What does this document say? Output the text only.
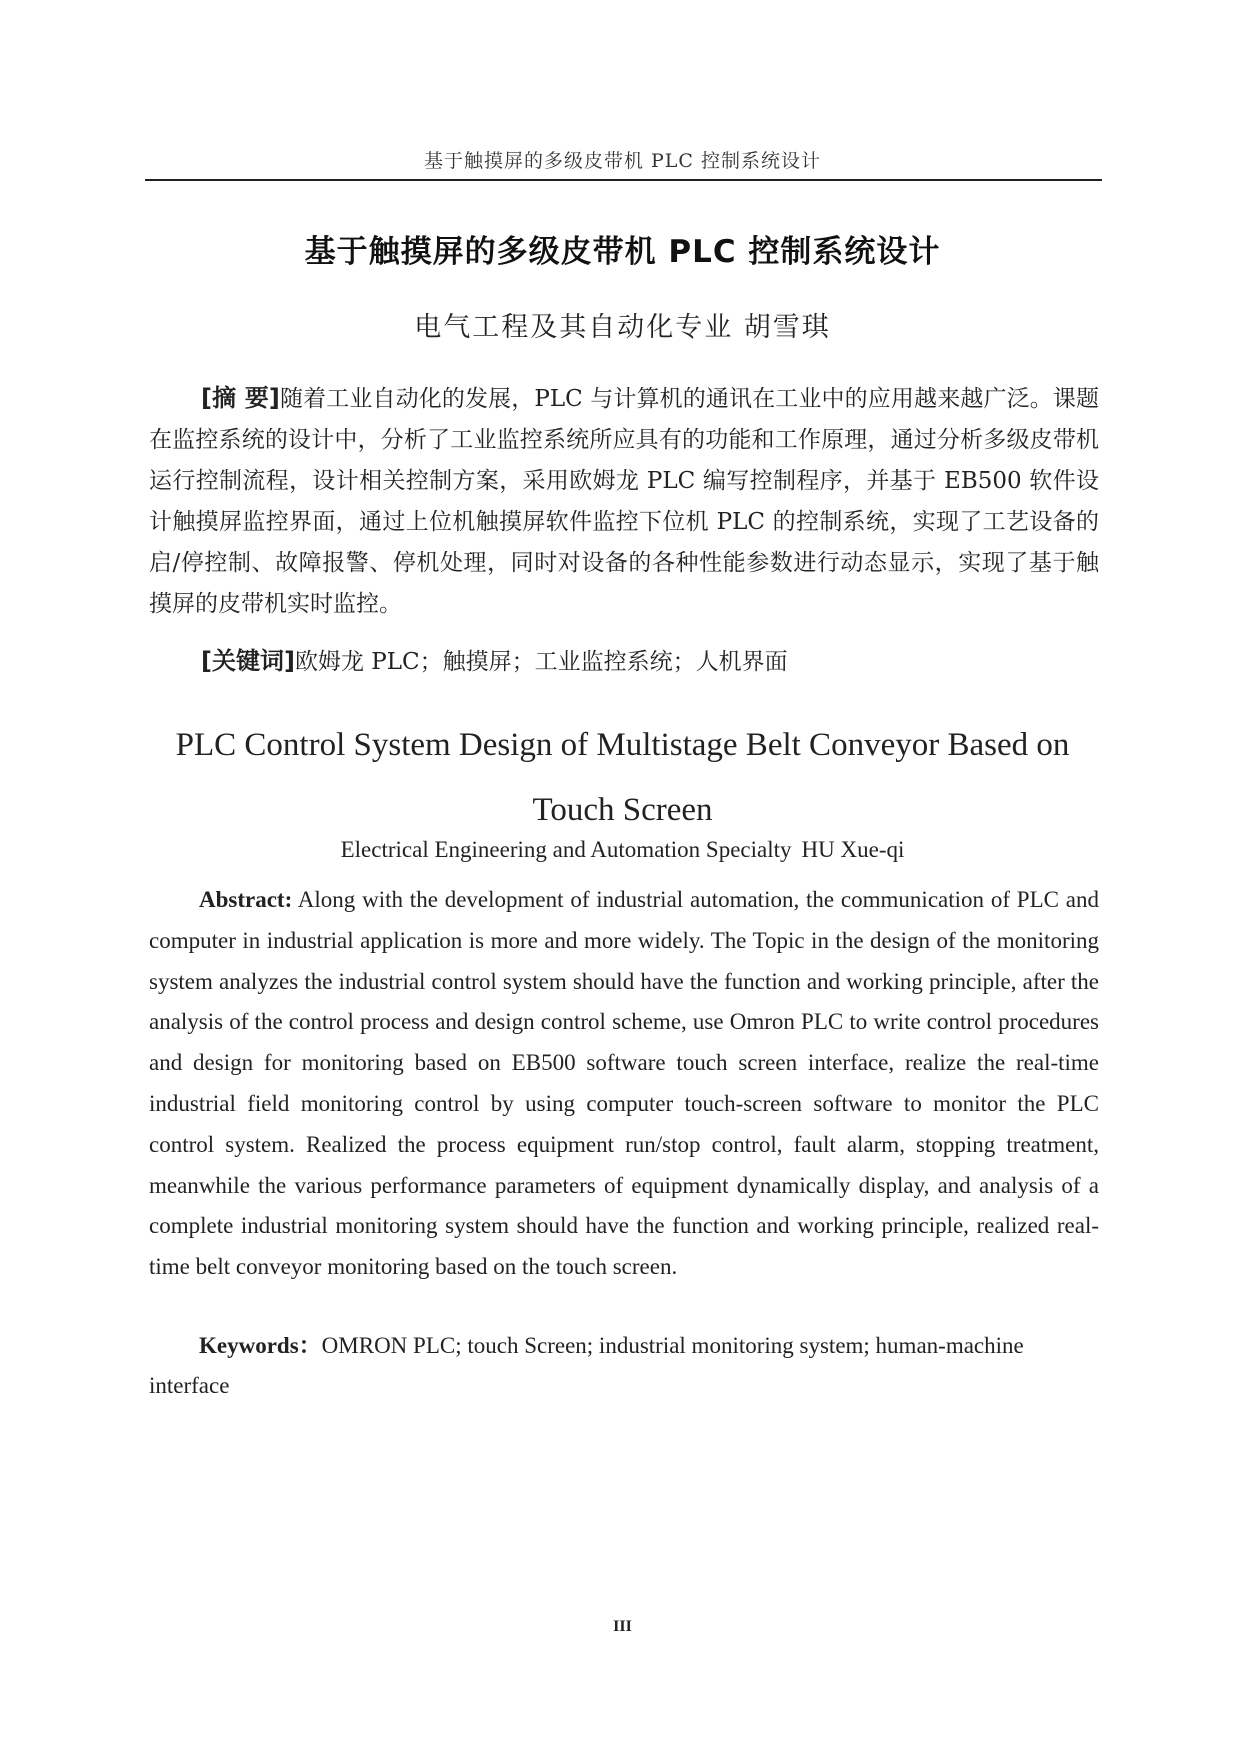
基于触摸屏的多级皮带机 PLC 控制系统设计
基于触摸屏的多级皮带机 PLC 控制系统设计
电气工程及其自动化专业 胡雪琪
[摘 要]随着工业自动化的发展，PLC 与计算机的通讯在工业中的应用越来越广泛。课题在监控系统的设计中，分析了工业监控系统所应具有的功能和工作原理，通过分析多级皮带机运行控制流程，设计相关控制方案，采用欧姆龙 PLC 编写控制程序，并基于 EB500 软件设计触摸屏监控界面，通过上位机触摸屏软件监控下位机 PLC 的控制系统，实现了工艺设备的启/停控制、故障报警、停机处理，同时对设备的各种性能参数进行动态显示，实现了基于触摸屏的皮带机实时监控。
[关键词]欧姆龙 PLC；触摸屏；工业监控系统；人机界面
PLC Control System Design of Multistage Belt Conveyor Based on Touch Screen
Electrical Engineering and Automation Specialty HU Xue-qi
Abstract: Along with the development of industrial automation, the communication of PLC and computer in industrial application is more and more widely. The Topic in the design of the monitoring system analyzes the industrial control system should have the function and working principle, after the analysis of the control process and design control scheme, use Omron PLC to write control procedures and design for monitoring based on EB500 software touch screen interface, realize the real-time industrial field monitoring control by using computer touch-screen software to monitor the PLC control system. Realized the process equipment run/stop control, fault alarm, stopping treatment, meanwhile the various performance parameters of equipment dynamically display, and analysis of a complete industrial monitoring system should have the function and working principle, realized real-time belt conveyor monitoring based on the touch screen.
Keywords：OMRON PLC; touch Screen; industrial monitoring system; human-machine interface
III
